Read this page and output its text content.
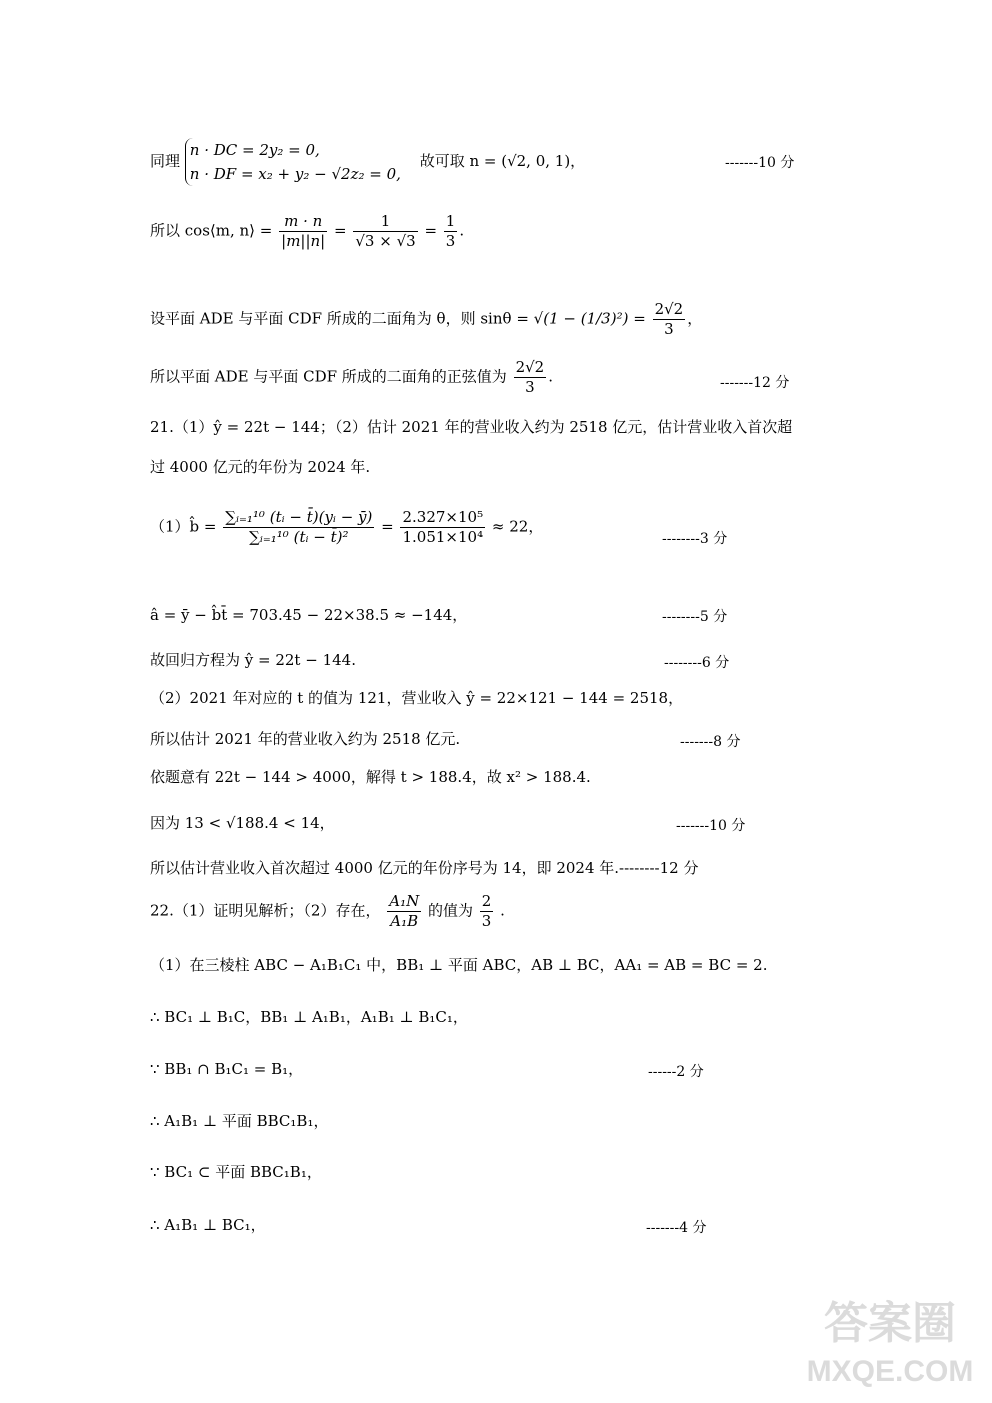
同理
n · DC = 2y₂ = 0,
n · DF = x₂ + y₂ − √2z₂ = 0,
故可取 n = (√2, 0, 1)，	-------10 分
所以 cos⟨m, n⟩ = $\frac{m \cdot n}{|m||n|} = \frac{1}{√3 \times √3} = \frac{1}{3}$ .
设平面 ADE 与平面 CDF 所成的二面角为 θ，则 $\sin\theta = √(1 - (1/3)^2) = \frac{2√2}{3}$ ，
所以平面 ADE 与平面 CDF 所成的二面角的正弦值为 $\frac{2√2}{3}$ .	-------12 分
21.（1）ŷ = 22t − 144；（2）估计 2021 年的营业收入约为 2518 亿元，估计营业收入首次超
过 4000 亿元的年份为 2024 年.
（1）b̂ = $\frac{\text{∑ᵢ₌₁¹⁰ (tᵢ − t̄)(yᵢ − ȳ)}}{\text{∑ᵢ₌₁¹⁰ (tᵢ − t̄)²}} = \frac{\text{2.327×10⁵}}{\text{1.051×10⁴}} \approx 22$，
--------3 分
â = ȳ − b̂t̄ = 703.45 − 22×38.5 ≈ −144，	--------5 分
故回归方程为 ŷ = 22t − 144.	--------6 分
（2）2021 年对应的 t 的值为 121，营业收入 ŷ = 22×121 − 144 = 2518，
所以估计 2021 年的营业收入约为 2518 亿元.	-------8 分
依题意有 22t − 144 > 4000，解得 t > 188.4，故 x² > 188.4.
因为 13 < √188.4 < 14，	-------10 分
所以估计营业收入首次超过 4000 亿元的年份序号为 14，即 2024 年.--------12 分
22.（1）证明见解析；（2）存在， $\frac{\text{A₁N}}{\text{A₁B}}$ 的值为 $\frac{2}{3}$ .
（1）在三棱柱 ABC − A₁B₁C₁ 中，BB₁ ⊥ 平面 ABC，AB ⊥ BC，AA₁ = AB = BC = 2.
∴ BC₁ ⊥ B₁C，BB₁ ⊥ A₁B₁，A₁B₁ ⊥ B₁C₁，
∵ BB₁ ∩ B₁C₁ = B₁，	------2 分
∴ A₁B₁ ⊥ 平面 BBC₁B₁，
∵ BC₁ ⊂ 平面 BBC₁B₁，
∴ A₁B₁ ⊥ BC₁，	-------4 分
答案圈
MXQE.COM
